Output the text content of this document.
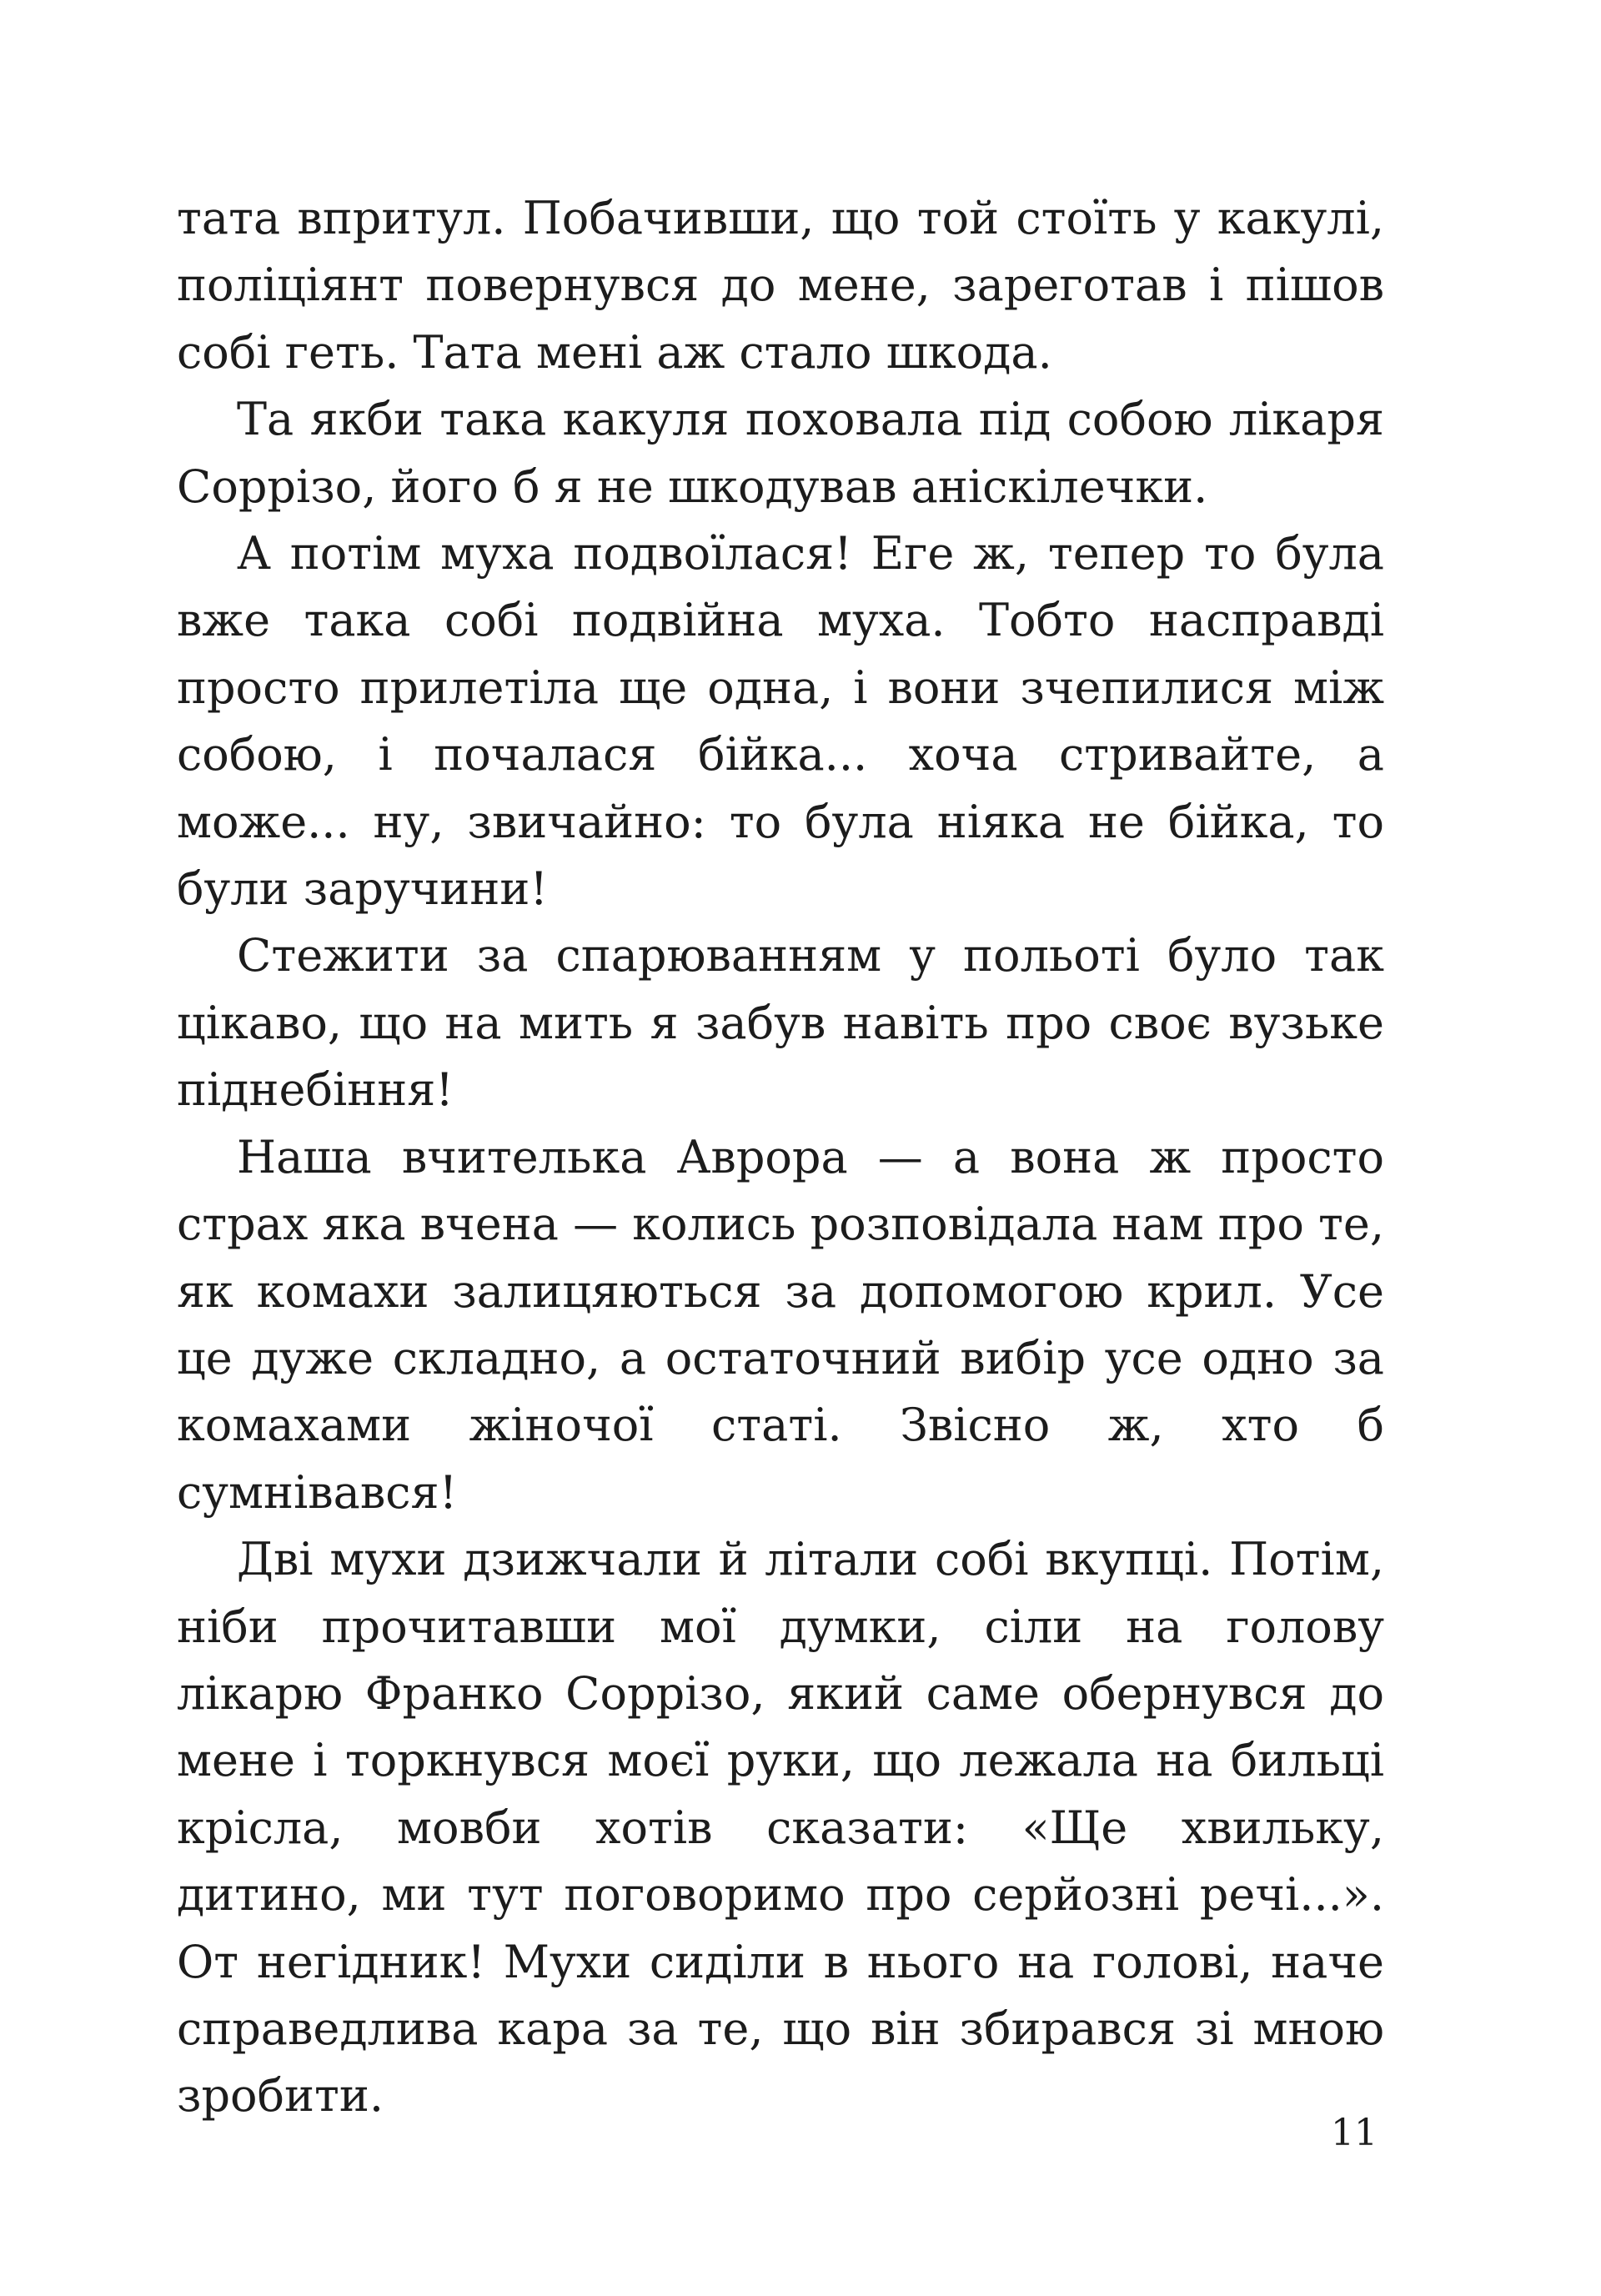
тата впритул. Побачивши, що той стоїть у какулі, поліціянт повернувся до мене, зареготав і пішов собі геть. Тата мені аж стало шкода.

Та якби така какуля поховала під собою лікаря Соррізо, його б я не шкодував аніскілечки.

А потім муха подвоїлася! Еге ж, тепер то була вже така собі подвійна муха. Тобто насправді просто прилетіла ще одна, і вони зчепилися між собою, і почалася бійка... хоча стривайте, а може... ну, звичайно: то була ніяка не бійка, то були заручини!

Стежити за спарюванням у польоті було так цікаво, що на мить я забув навіть про своє вузьке піднебіння!

Наша вчителька Аврора — а вона ж просто страх яка вчена — колись розповідала нам про те, як комахи залицяються за допомогою крил. Усе це дуже складно, а остаточний вибір усе одно за комахами жіночої статі. Звісно ж, хто б сумнівався!

Дві мухи дзижчали й літали собі вкупці. Потім, ніби прочитавши мої думки, сіли на голову лікарю Франко Соррізо, який саме обернувся до мене і торкнувся моєї руки, що лежала на бильці крісла, мовби хотів сказати: «Ще хвильку, дитино, ми тут поговоримо про серйозні речі...». От негідник! Мухи сиділи в нього на голові, наче справедлива кара за те, що він збирався зі мною зробити.

11
